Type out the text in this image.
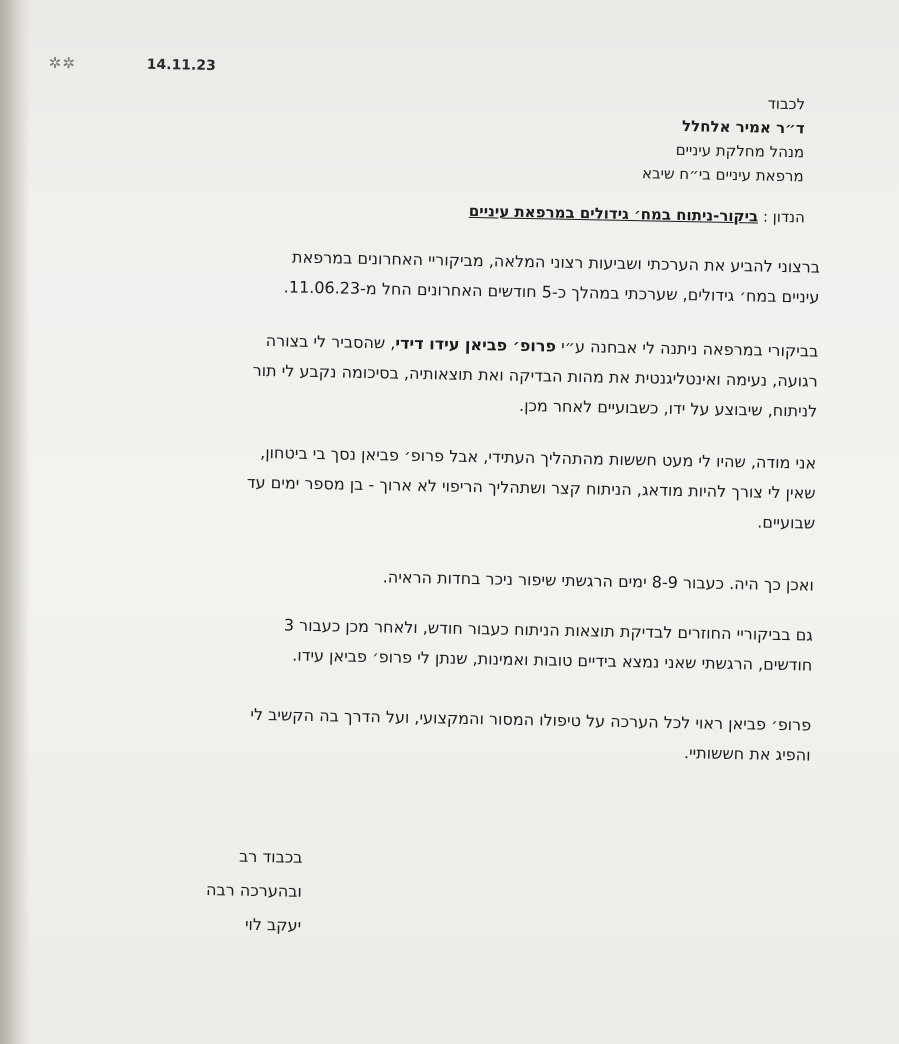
✲✲	14.11.23
לכבוד
ד״ר אמיר אלחלל
מנהל מחלקת עיניים
מרפאת עיניים בי״ח שיבא
הנדון : ביקור-ניתוח במח׳ גידולים במרפאת עיניים
ברצוני להביע את הערכתי ושביעות רצוני המלאה, מביקוריי האחרונים במרפאת
עיניים במח׳ גידולים, שערכתי במהלך כ-5 חודשים האחרונים החל מ-11.06.23.
בביקורי במרפאה ניתנה לי אבחנה ע״י פרופ׳ פביאן עידו דידי, שהסביר לי בצורה
רגועה, נעימה ואינטליגנטית את מהות הבדיקה ואת תוצאותיה, בסיכומה נקבע לי תור
לניתוח, שיבוצע על ידו, כשבועיים לאחר מכן.
אני מודה, שהיו לי מעט חששות מהתהליך העתידי, אבל פרופ׳ פביאן נסך בי ביטחון,
שאין לי צורך להיות מודאג, הניתוח קצר ושתהליך הריפוי לא ארוך - בן מספר ימים עד
שבועיים.
ואכן כך היה. כעבור 8-9 ימים הרגשתי שיפור ניכר בחדות הראיה.
גם בביקוריי החוזרים לבדיקת תוצאות הניתוח כעבור חודש, ולאחר מכן כעבור 3
חודשים, הרגשתי שאני נמצא בידיים טובות ואמינות, שנתן לי פרופ׳ פביאן עידו.
פרופ׳ פביאן ראוי לכל הערכה על טיפולו המסור והמקצועי, ועל הדרך בה הקשיב לי
והפיג את חששותיי.
בכבוד רב
ובהערכה רבה
יעקב לוי
